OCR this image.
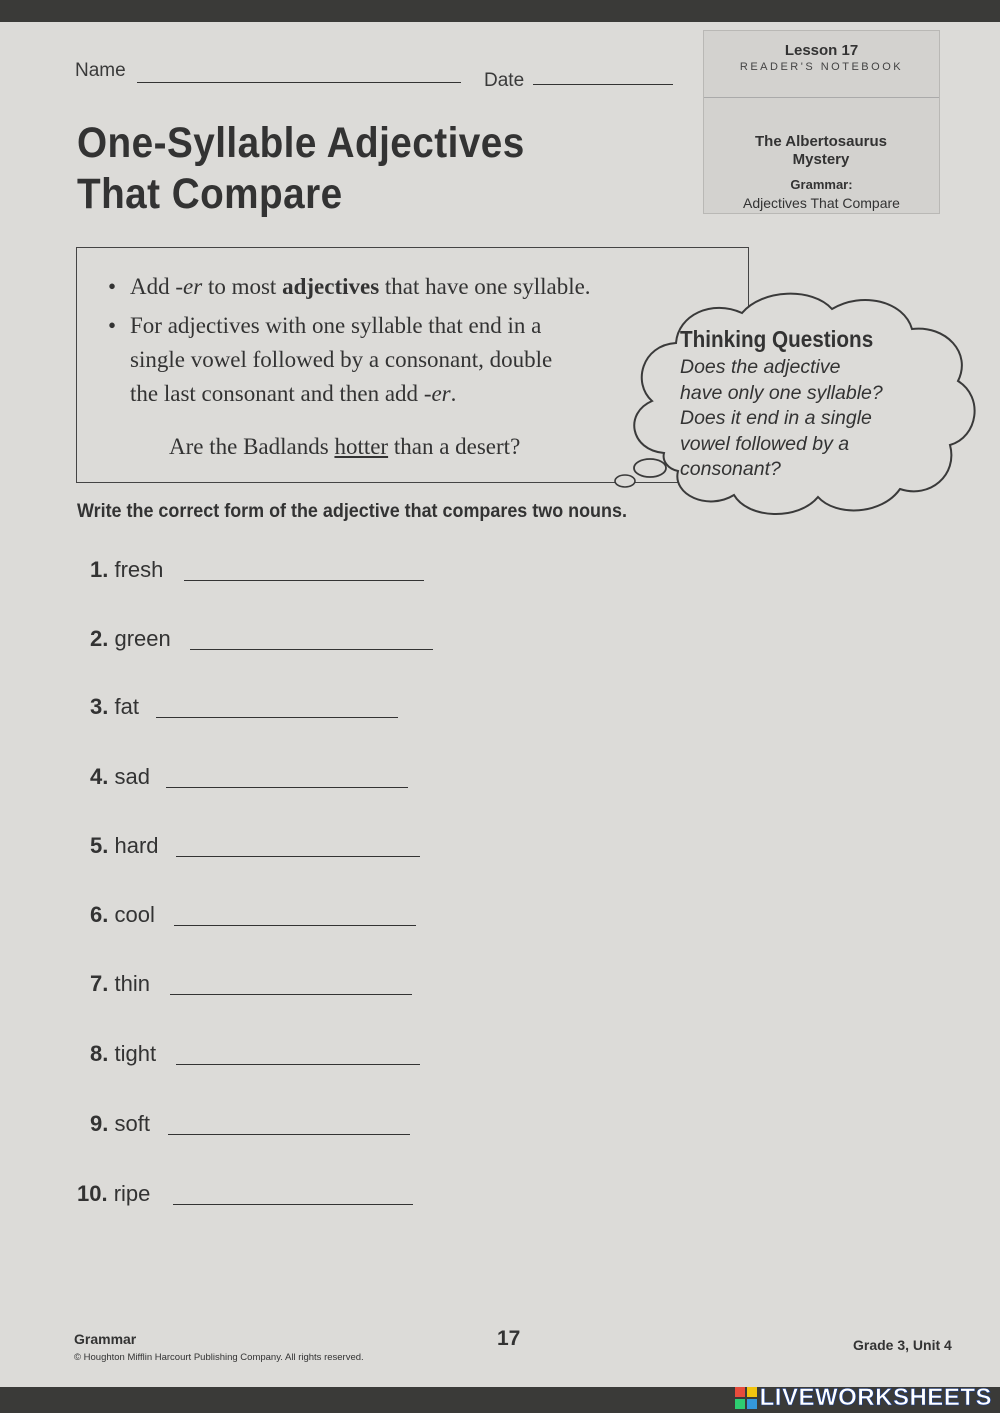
Name	Date
Lesson 17
READER'S NOTEBOOK
The Albertosaurus Mystery
Grammar:
Adjectives That Compare
One-Syllable Adjectives
That Compare
• Add -er to most adjectives that have one syllable.
• For adjectives with one syllable that end in a
single vowel followed by a consonant, double
the last consonant and then add -er.
Are the Badlands hotter than a desert?
Thinking Questions
Does the adjective
have only one syllable?
Does it end in a single
vowel followed by a
consonant?
Write the correct form of the adjective that compares two nouns.
1. fresh
2. green
3. fat
4. sad
5. hard
6. cool
7. thin
8. tight
9. soft
10. ripe
Grammar
© Houghton Mifflin Harcourt Publishing Company. All rights reserved.
17	Grade 3, Unit 4
LIVEWORKSHEETS
